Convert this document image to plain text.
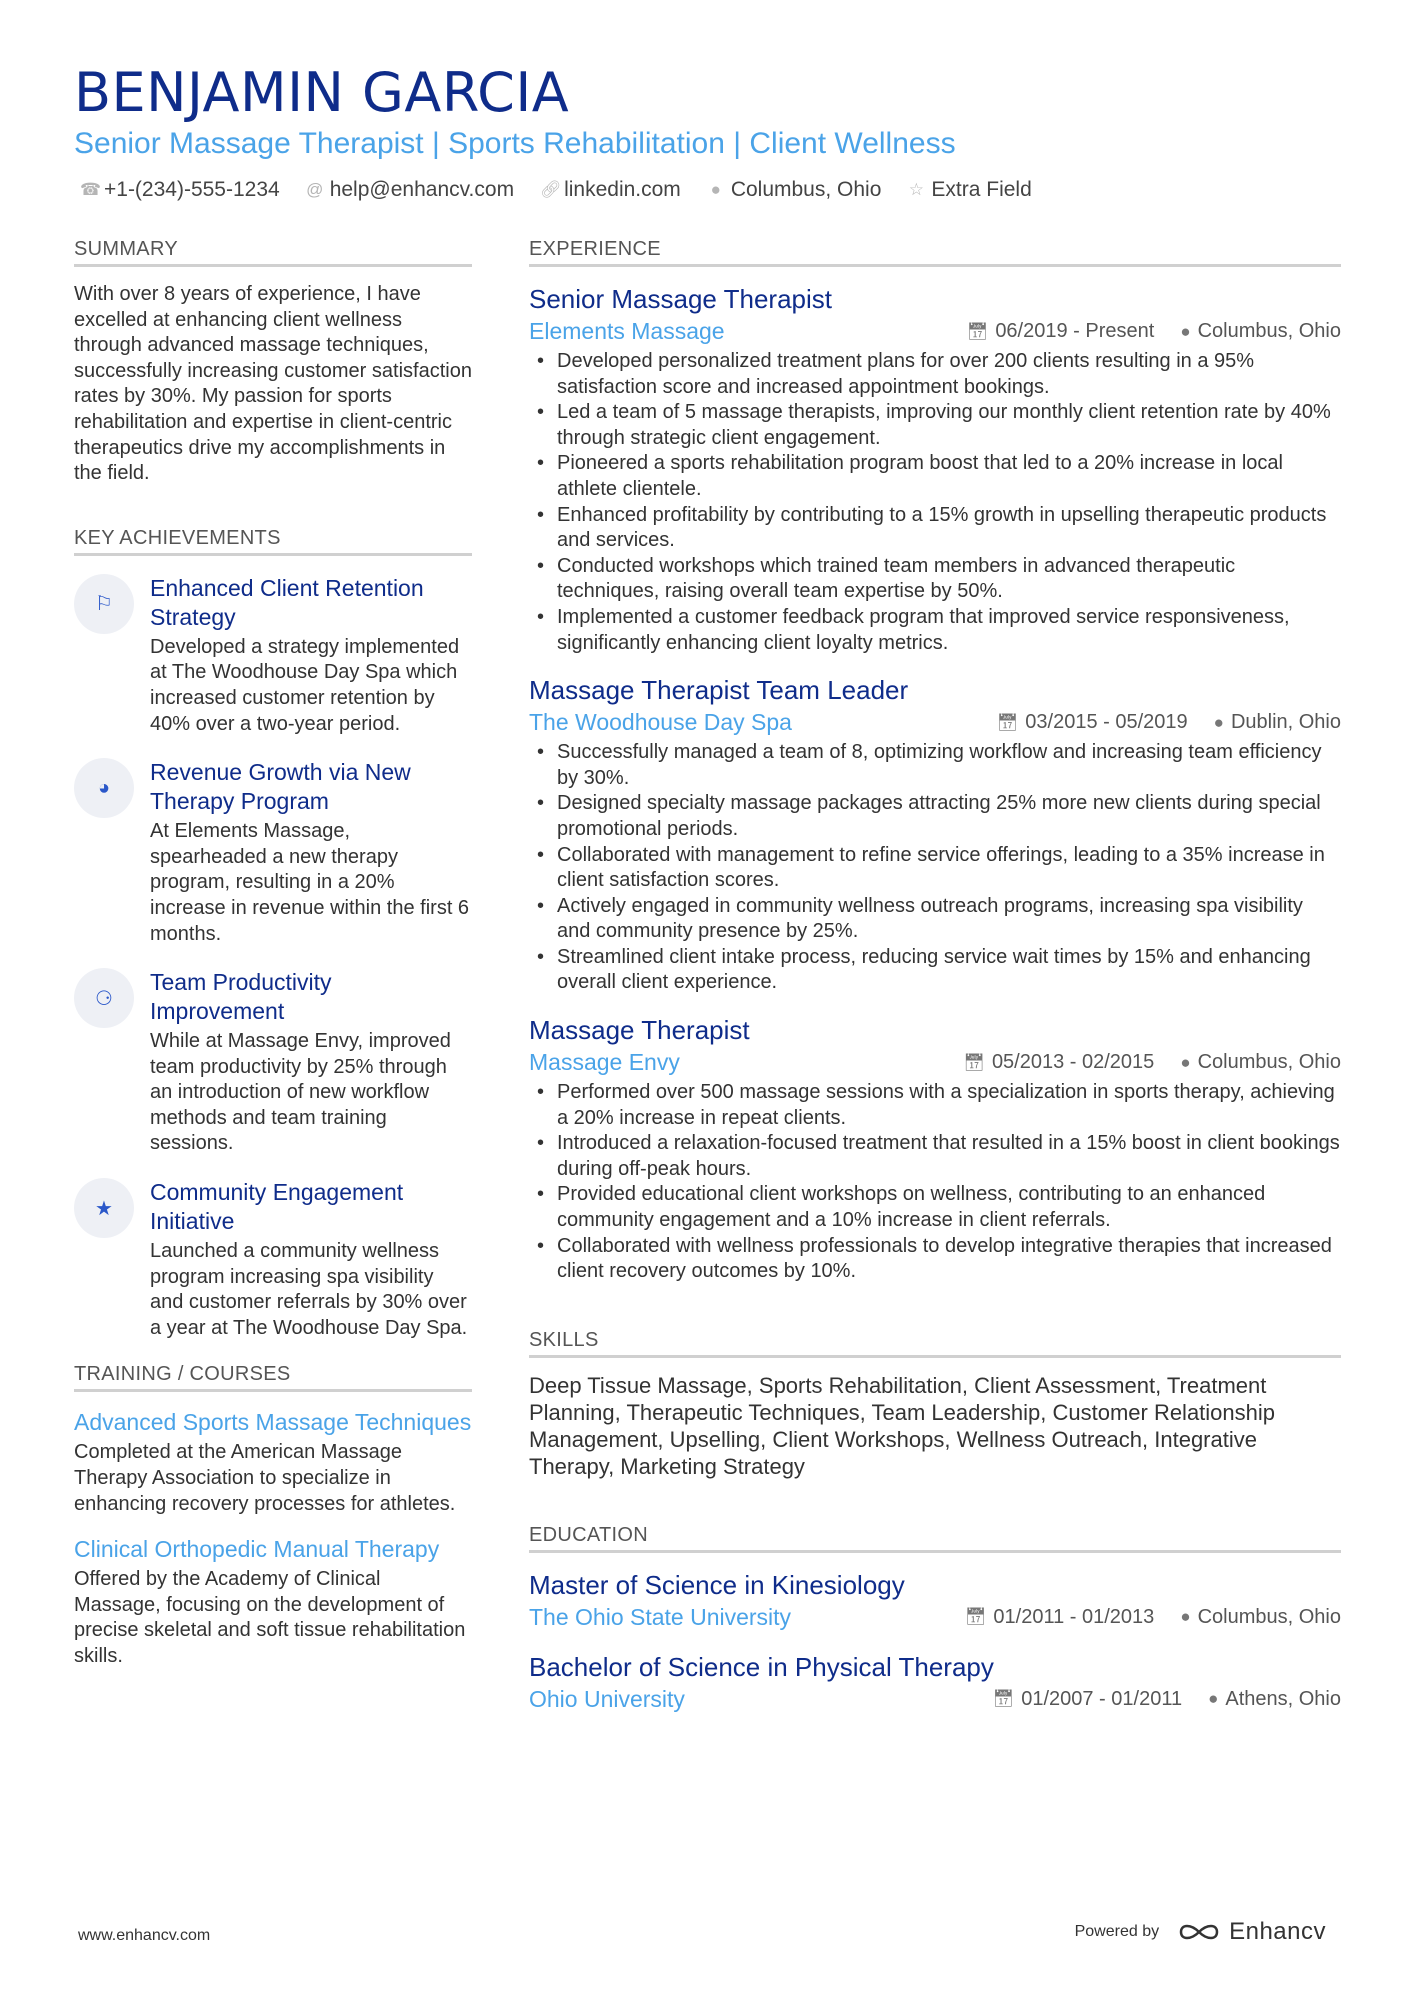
BENJAMIN GARCIA
Senior Massage Therapist | Sports Rehabilitation | Client Wellness
☎ +1-(234)-555-1234 @ help@enhancv.com 🔗︎ linkedin.com ● Columbus, Ohio ☆ Extra Field
SUMMARY
With over 8 years of experience, I have excelled at enhancing client wellness through advanced massage techniques, successfully increasing customer satisfaction rates by 30%. My passion for sports rehabilitation and expertise in client-centric therapeutics drive my accomplishments in the field.
KEY ACHIEVEMENTS
⚐
Enhanced Client Retention Strategy
Developed a strategy implemented at The Woodhouse Day Spa which increased customer retention by 40% over a two-year period.
◕
Revenue Growth via New Therapy Program
At Elements Massage, spearheaded a new therapy program, resulting in a 20% increase in revenue within the first 6 months.
⚆
Team Productivity Improvement
While at Massage Envy, improved team productivity by 25% through an introduction of new workflow methods and team training sessions.
★
Community Engagement Initiative
Launched a community wellness program increasing spa visibility and customer referrals by 30% over a year at The Woodhouse Day Spa.
TRAINING / COURSES
Advanced Sports Massage Techniques
Completed at the American Massage Therapy Association to specialize in enhancing recovery processes for athletes.
Clinical Orthopedic Manual Therapy
Offered by the Academy of Clinical Massage, focusing on the development of precise skeletal and soft tissue rehabilitation skills.
EXPERIENCE
Senior Massage Therapist
Elements Massage	📅︎ 06/2019 - Present ● Columbus, Ohio
• Developed personalized treatment plans for over 200 clients resulting in a 95% satisfaction score and increased appointment bookings.
• Led a team of 5 massage therapists, improving our monthly client retention rate by 40% through strategic client engagement.
• Pioneered a sports rehabilitation program boost that led to a 20% increase in local athlete clientele.
• Enhanced profitability by contributing to a 15% growth in upselling therapeutic products and services.
• Conducted workshops which trained team members in advanced therapeutic techniques, raising overall team expertise by 50%.
• Implemented a customer feedback program that improved service responsiveness, significantly enhancing client loyalty metrics.
Massage Therapist Team Leader
The Woodhouse Day Spa	📅︎ 03/2015 - 05/2019 ● Dublin, Ohio
• Successfully managed a team of 8, optimizing workflow and increasing team efficiency by 30%.
• Designed specialty massage packages attracting 25% more new clients during special promotional periods.
• Collaborated with management to refine service offerings, leading to a 35% increase in client satisfaction scores.
• Actively engaged in community wellness outreach programs, increasing spa visibility and community presence by 25%.
• Streamlined client intake process, reducing service wait times by 15% and enhancing overall client experience.
Massage Therapist
Massage Envy	📅︎ 05/2013 - 02/2015 ● Columbus, Ohio
• Performed over 500 massage sessions with a specialization in sports therapy, achieving a 20% increase in repeat clients.
• Introduced a relaxation-focused treatment that resulted in a 15% boost in client bookings during off-peak hours.
• Provided educational client workshops on wellness, contributing to an enhanced community engagement and a 10% increase in client referrals.
• Collaborated with wellness professionals to develop integrative therapies that increased client recovery outcomes by 10%.
SKILLS
Deep Tissue Massage, Sports Rehabilitation, Client Assessment, Treatment Planning, Therapeutic Techniques, Team Leadership, Customer Relationship Management, Upselling, Client Workshops, Wellness Outreach, Integrative Therapy, Marketing Strategy
EDUCATION
Master of Science in Kinesiology
The Ohio State University	📅︎ 01/2011 - 01/2013 ● Columbus, Ohio
Bachelor of Science in Physical Therapy
Ohio University	📅︎ 01/2007 - 01/2011 ● Athens, Ohio
www.enhancv.com	Powered by	Enhancv
